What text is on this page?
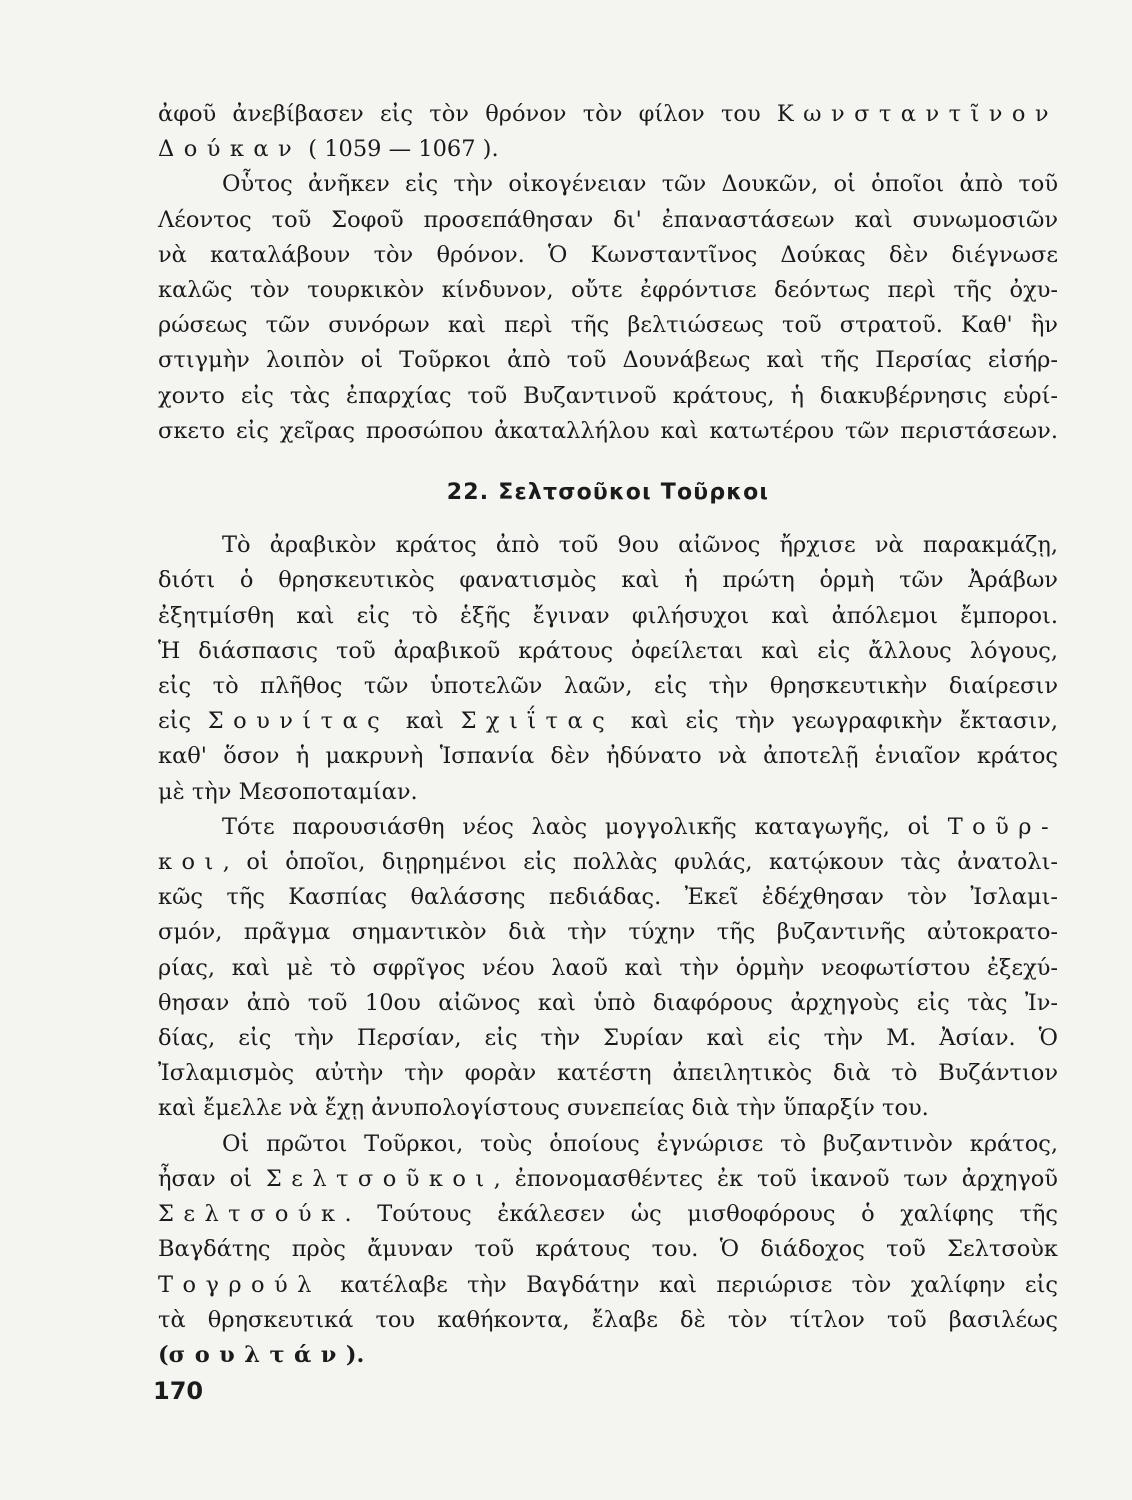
ἀφοῦ ἀνεβίβασεν εἰς τὸν θρόνον τὸν φίλον του Κωνσταντῖνον
Δούκαν ( 1059 — 1067 ).
Οὗτος ἀνῆκεν εἰς τὴν οἰκογένειαν τῶν Δουκῶν, οἱ ὁποῖοι ἀπὸ τοῦ
Λέοντος τοῦ Σοφοῦ προσεπάθησαν δι' ἐπαναστάσεων καὶ συνωμοσιῶν
νὰ καταλάβουν τὸν θρόνον. Ὁ Κωνσταντῖνος Δούκας δὲν διέγνωσε
καλῶς τὸν τουρκικὸν κίνδυνον, οὔτε ἐφρόντισε δεόντως περὶ τῆς ὀχυ-
ρώσεως τῶν συνόρων καὶ περὶ τῆς βελτιώσεως τοῦ στρατοῦ. Καθ' ἣν
στιγμὴν λοιπὸν οἱ Τοῦρκοι ἀπὸ τοῦ Δουνάβεως καὶ τῆς Περσίας εἰσήρ-
χοντο εἰς τὰς ἐπαρχίας τοῦ Βυζαντινοῦ κράτους, ἡ διακυβέρνησις εὑρί-
σκετο εἰς χεῖρας προσώπου ἀκαταλλήλου καὶ κατωτέρου τῶν περιστάσεων.
22. Σελτσοῦκοι Τοῦρκοι
Τὸ ἀραβικὸν κράτος ἀπὸ τοῦ 9ου αἰῶνος ἤρχισε νὰ παρακμάζῃ,
διότι ὁ θρησκευτικὸς φανατισμὸς καὶ ἡ πρώτη ὁρμὴ τῶν Ἀράβων
ἐξητμίσθη καὶ εἰς τὸ ἑξῆς ἔγιναν φιλήσυχοι καὶ ἀπόλεμοι ἔμποροι.
Ἡ διάσπασις τοῦ ἀραβικοῦ κράτους ὀφείλεται καὶ εἰς ἄλλους λόγους,
εἰς τὸ πλῆθος τῶν ὑποτελῶν λαῶν, εἰς τὴν θρησκευτικὴν διαίρεσιν
εἰς Σουνίτας καὶ Σχιΐτας καὶ εἰς τὴν γεωγραφικὴν ἔκτασιν,
καθ' ὅσον ἡ μακρυνὴ Ἱσπανία δὲν ἠδύνατο νὰ ἀποτελῇ ἑνιαῖον κράτος
μὲ τὴν Μεσοποταμίαν.
Τότε παρουσιάσθη νέος λαὸς μογγολικῆς καταγωγῆς, οἱ Τοῦρ-
κοι, οἱ ὁποῖοι, διῃρημένοι εἰς πολλὰς φυλάς, κατῴκουν τὰς ἀνατολι-
κῶς τῆς Κασπίας θαλάσσης πεδιάδας. Ἐκεῖ ἐδέχθησαν τὸν Ἰσλαμι-
σμόν, πρᾶγμα σημαντικὸν διὰ τὴν τύχην τῆς βυζαντινῆς αὐτοκρατο-
ρίας, καὶ μὲ τὸ σφρῖγος νέου λαοῦ καὶ τὴν ὁρμὴν νεοφωτίστου ἐξεχύ-
θησαν ἀπὸ τοῦ 10ου αἰῶνος καὶ ὑπὸ διαφόρους ἀρχηγοὺς εἰς τὰς Ἰν-
δίας, εἰς τὴν Περσίαν, εἰς τὴν Συρίαν καὶ εἰς τὴν Μ. Ἀσίαν. Ὁ
Ἰσλαμισμὸς αὐτὴν τὴν φορὰν κατέστη ἀπειλητικὸς διὰ τὸ Βυζάντιον
καὶ ἔμελλε νὰ ἔχῃ ἀνυπολογίστους συνεπείας διὰ τὴν ὕπαρξίν του.
Οἱ πρῶτοι Τοῦρκοι, τοὺς ὁποίους ἐγνώρισε τὸ βυζαντινὸν κράτος,
ἦσαν οἱ Σελτσοῦκοι, ἐπονομασθέντες ἐκ τοῦ ἱκανοῦ των ἀρχηγοῦ
Σελτσούκ. Τούτους ἐκάλεσεν ὡς μισθοφόρους ὁ χαλίφης τῆς
Βαγδάτης πρὸς ἄμυναν τοῦ κράτους του. Ὁ διάδοχος τοῦ Σελτσοὺκ
Τογρούλ κατέλαβε τὴν Βαγδάτην καὶ περιώρισε τὸν χαλίφην εἰς
τὰ θρησκευτικά του καθήκοντα, ἔλαβε δὲ τὸν τίτλον τοῦ βασιλέως
(σουλτάν).
170
